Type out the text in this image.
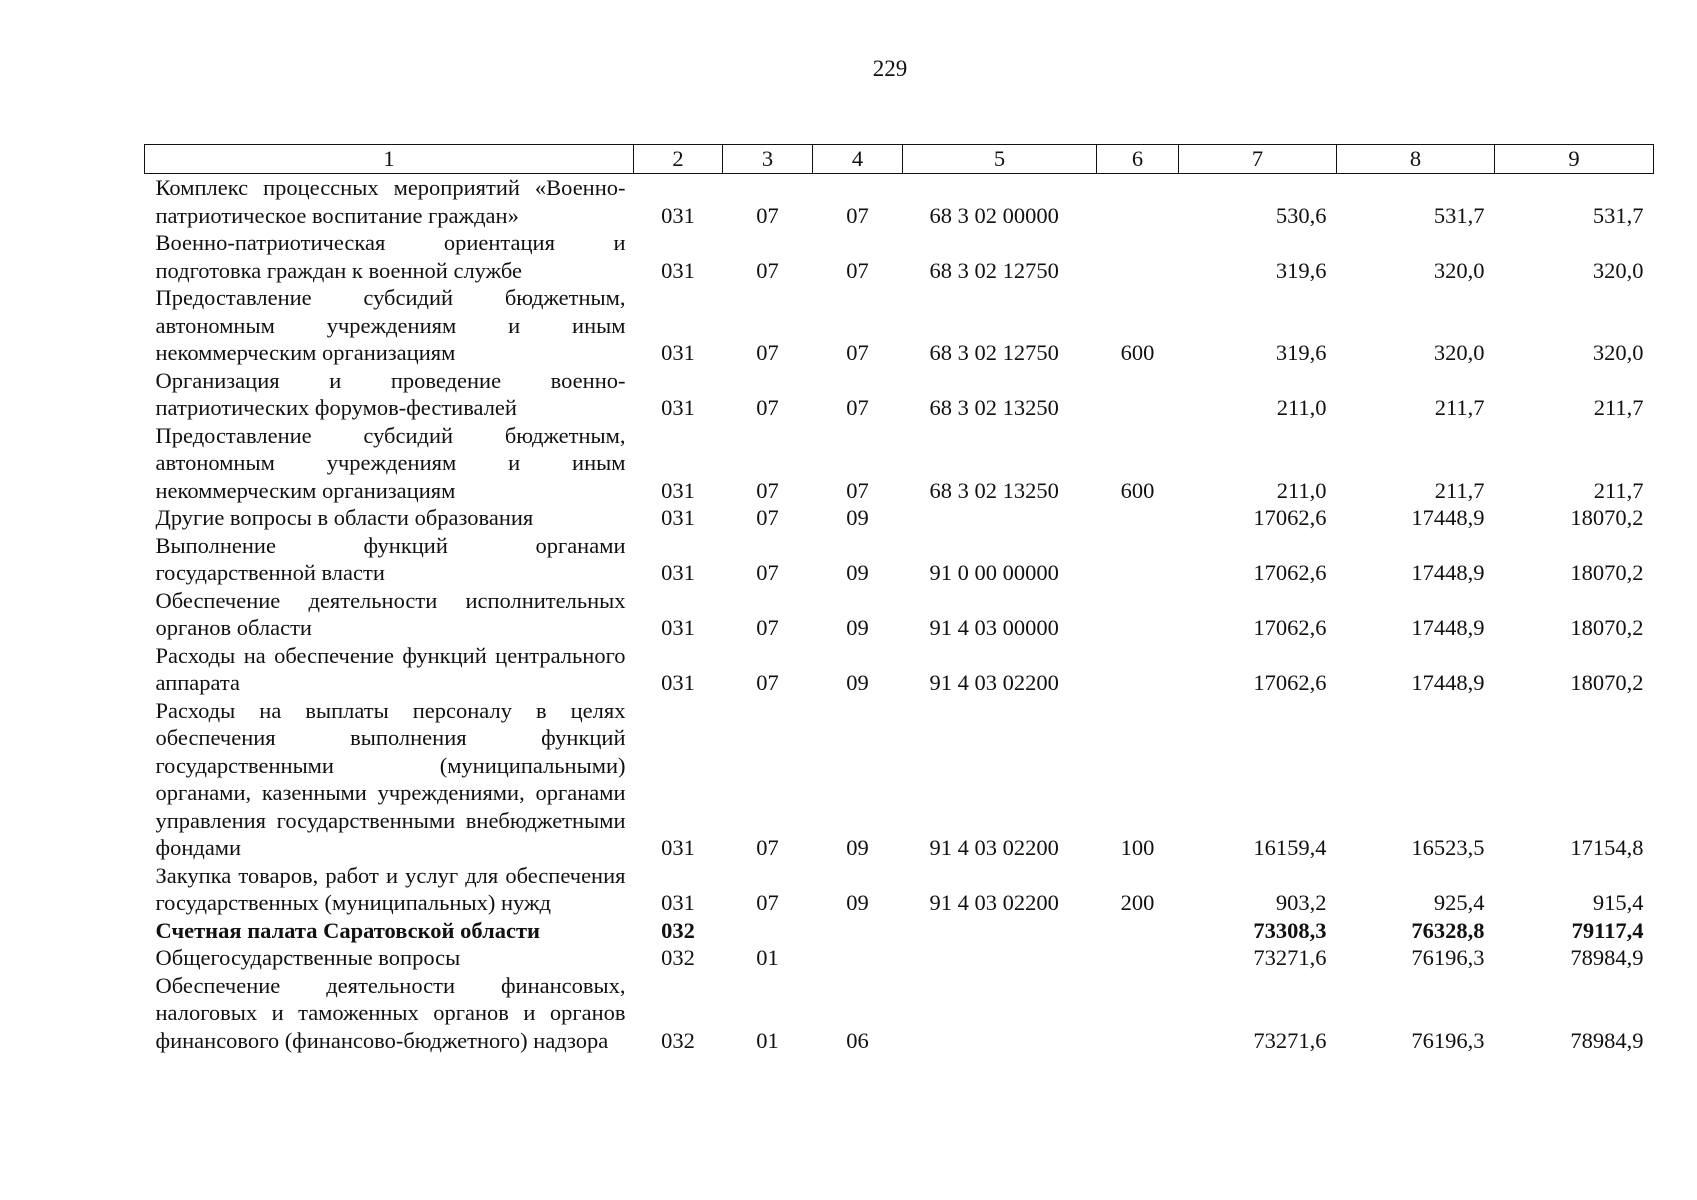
229
1	2	3	4	5	6	7	8	9
Комплекс процессных мероприятий «Военно-патриотическое воспитание граждан»	031	07	07	68 3 02 00000		530,6	531,7	531,7
Военно-патриотическая ориентация и подготовка граждан к военной службе	031	07	07	68 3 02 12750		319,6	320,0	320,0
Предоставление субсидий бюджетным, автономным учреждениям и иным некоммерческим организациям	031	07	07	68 3 02 12750	600	319,6	320,0	320,0
Организация и проведение военно-патриотических форумов-фестивалей	031	07	07	68 3 02 13250		211,0	211,7	211,7
Предоставление субсидий бюджетным, автономным учреждениям и иным некоммерческим организациям	031	07	07	68 3 02 13250	600	211,0	211,7	211,7
Другие вопросы в области образования	031	07	09			17062,6	17448,9	18070,2
Выполнение функций органами государственной власти	031	07	09	91 0 00 00000		17062,6	17448,9	18070,2
Обеспечение деятельности исполнительных органов области	031	07	09	91 4 03 00000		17062,6	17448,9	18070,2
Расходы на обеспечение функций центрального аппарата	031	07	09	91 4 03 02200		17062,6	17448,9	18070,2
Расходы на выплаты персоналу в целях обеспечения выполнения функций государственными (муниципальными) органами, казенными учреждениями, органами управления государственными внебюджетными фондами	031	07	09	91 4 03 02200	100	16159,4	16523,5	17154,8
Закупка товаров, работ и услуг для обеспечения государственных (муниципальных) нужд	031	07	09	91 4 03 02200	200	903,2	925,4	915,4
Счетная палата Саратовской области	032					73308,3	76328,8	79117,4
Общегосударственные вопросы	032	01				73271,6	76196,3	78984,9
Обеспечение деятельности финансовых, налоговых и таможенных органов и органов финансового (финансово-бюджетного) надзора	032	01	06			73271,6	76196,3	78984,9
